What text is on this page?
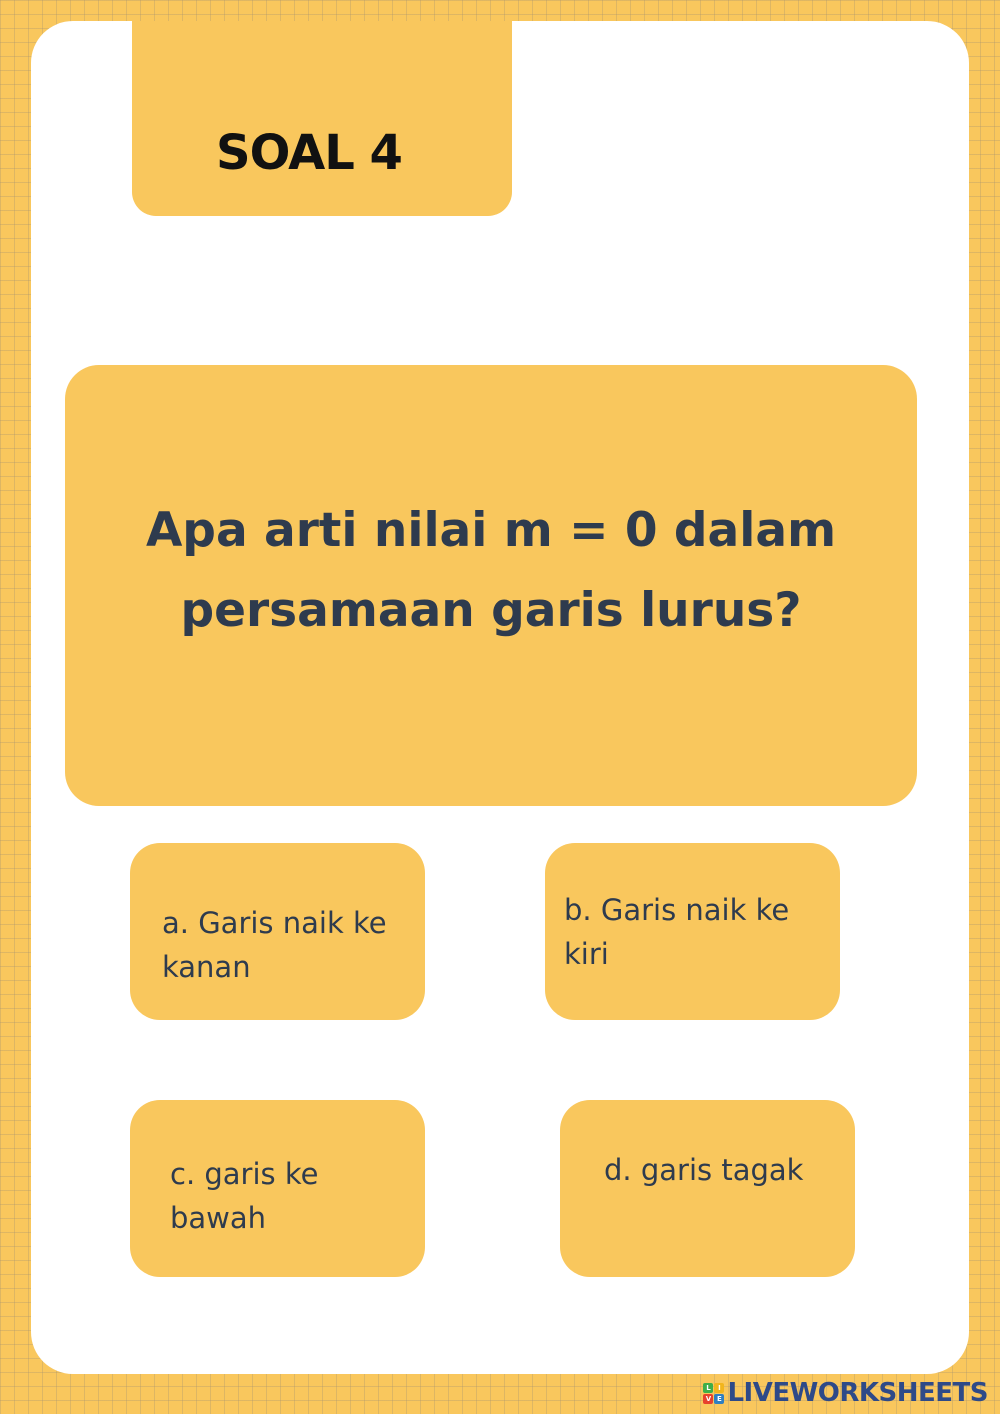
SOAL 4

Apa arti nilai m = 0 dalam persamaan garis lurus?

a. Garis naik ke kanan

b. Garis naik ke kiri

c. garis ke bawah

d. garis tagak

L	I
V E LIVEWORKSHEETS
